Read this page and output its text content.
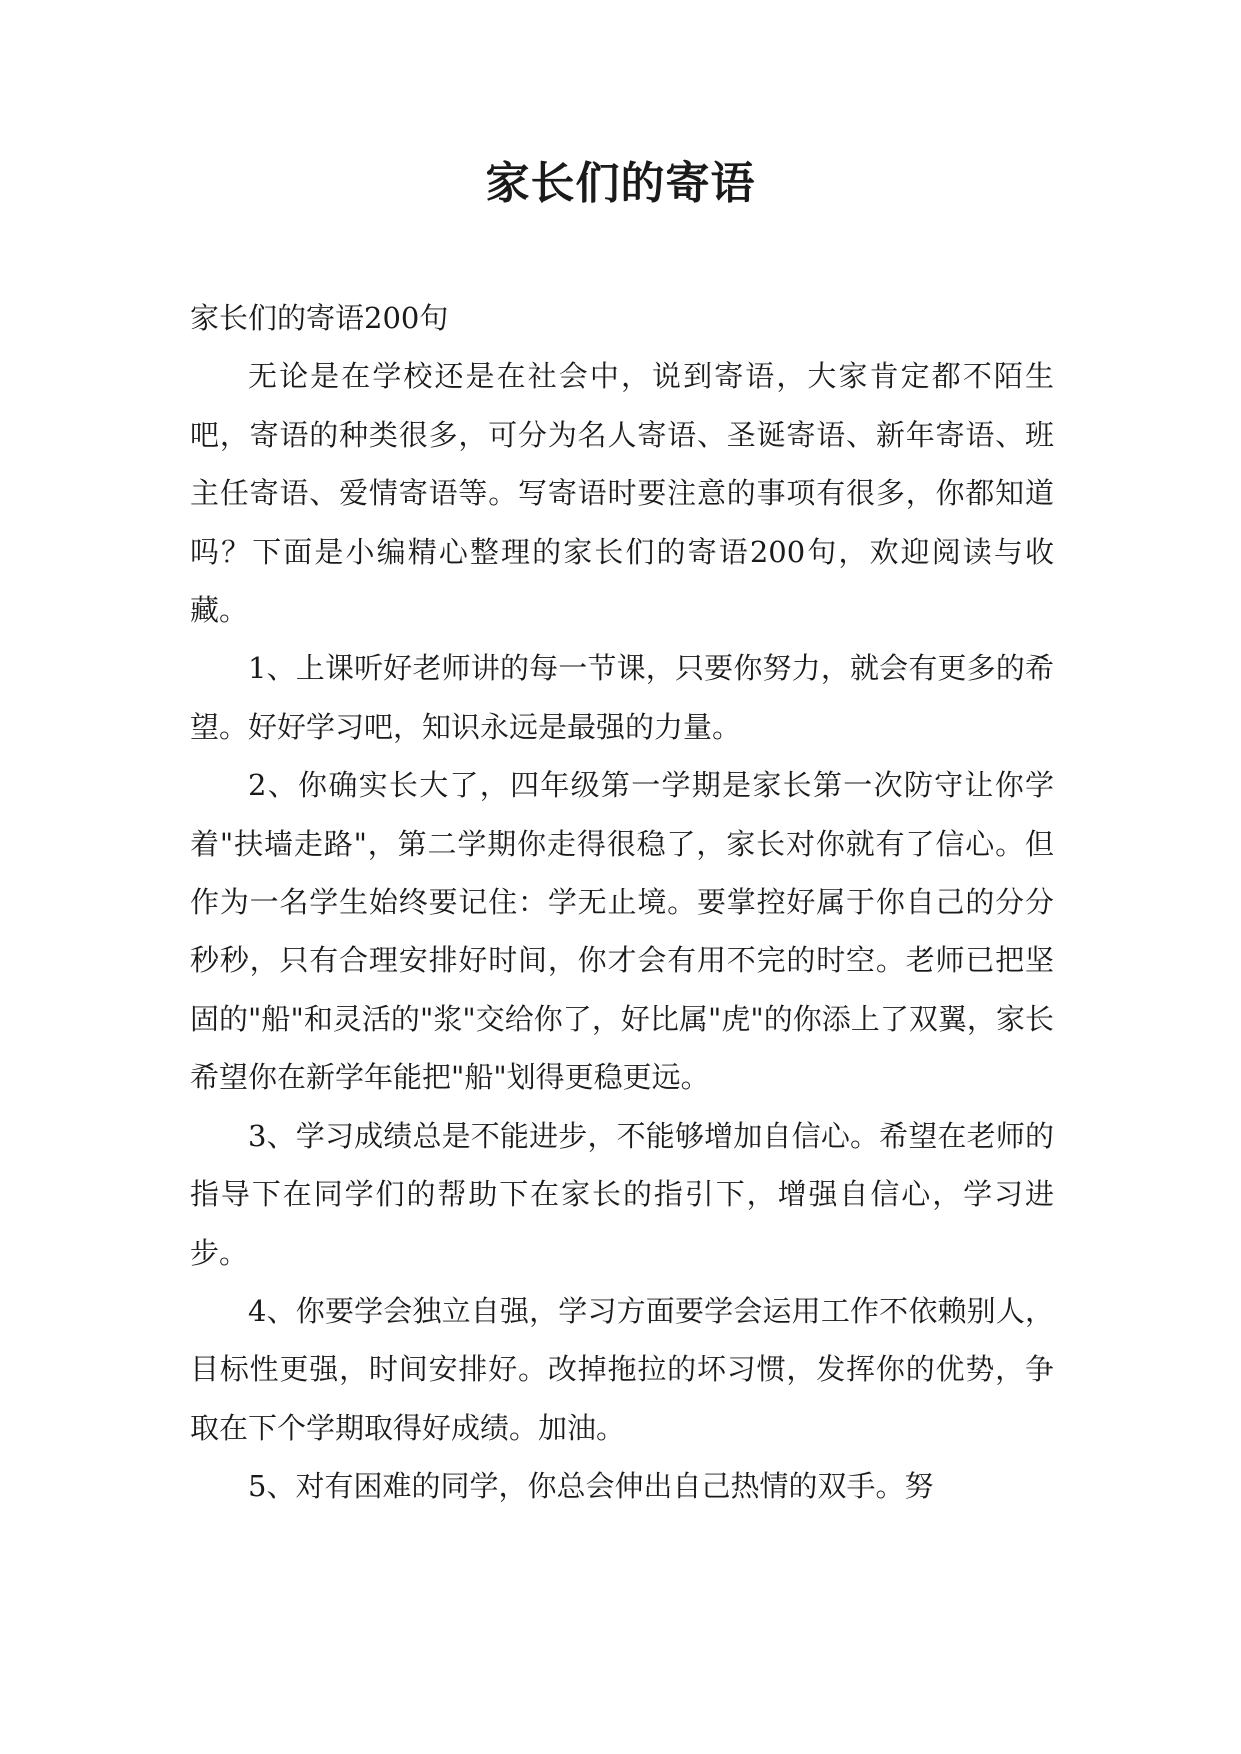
家长们的寄语

家长们的寄语200句

无论是在学校还是在社会中，说到寄语，大家肯定都不陌生吧，寄语的种类很多，可分为名人寄语、圣诞寄语、新年寄语、班主任寄语、爱情寄语等。写寄语时要注意的事项有很多，你都知道吗？下面是小编精心整理的家长们的寄语200句，欢迎阅读与收藏。

1、上课听好老师讲的每一节课，只要你努力，就会有更多的希望。好好学习吧，知识永远是最强的力量。

2、你确实长大了，四年级第一学期是家长第一次防守让你学着"扶墙走路"，第二学期你走得很稳了，家长对你就有了信心。但作为一名学生始终要记住：学无止境。要掌控好属于你自己的分分秒秒，只有合理安排好时间，你才会有用不完的时空。老师已把坚固的"船"和灵活的"浆"交给你了，好比属"虎"的你添上了双翼，家长希望你在新学年能把"船"划得更稳更远。

3、学习成绩总是不能进步，不能够增加自信心。希望在老师的指导下在同学们的帮助下在家长的指引下，增强自信心，学习进步。

4、你要学会独立自强，学习方面要学会运用工作不依赖别人，目标性更强，时间安排好。改掉拖拉的坏习惯，发挥你的优势，争取在下个学期取得好成绩。加油。

5、对有困难的同学，你总会伸出自己热情的双手。努
